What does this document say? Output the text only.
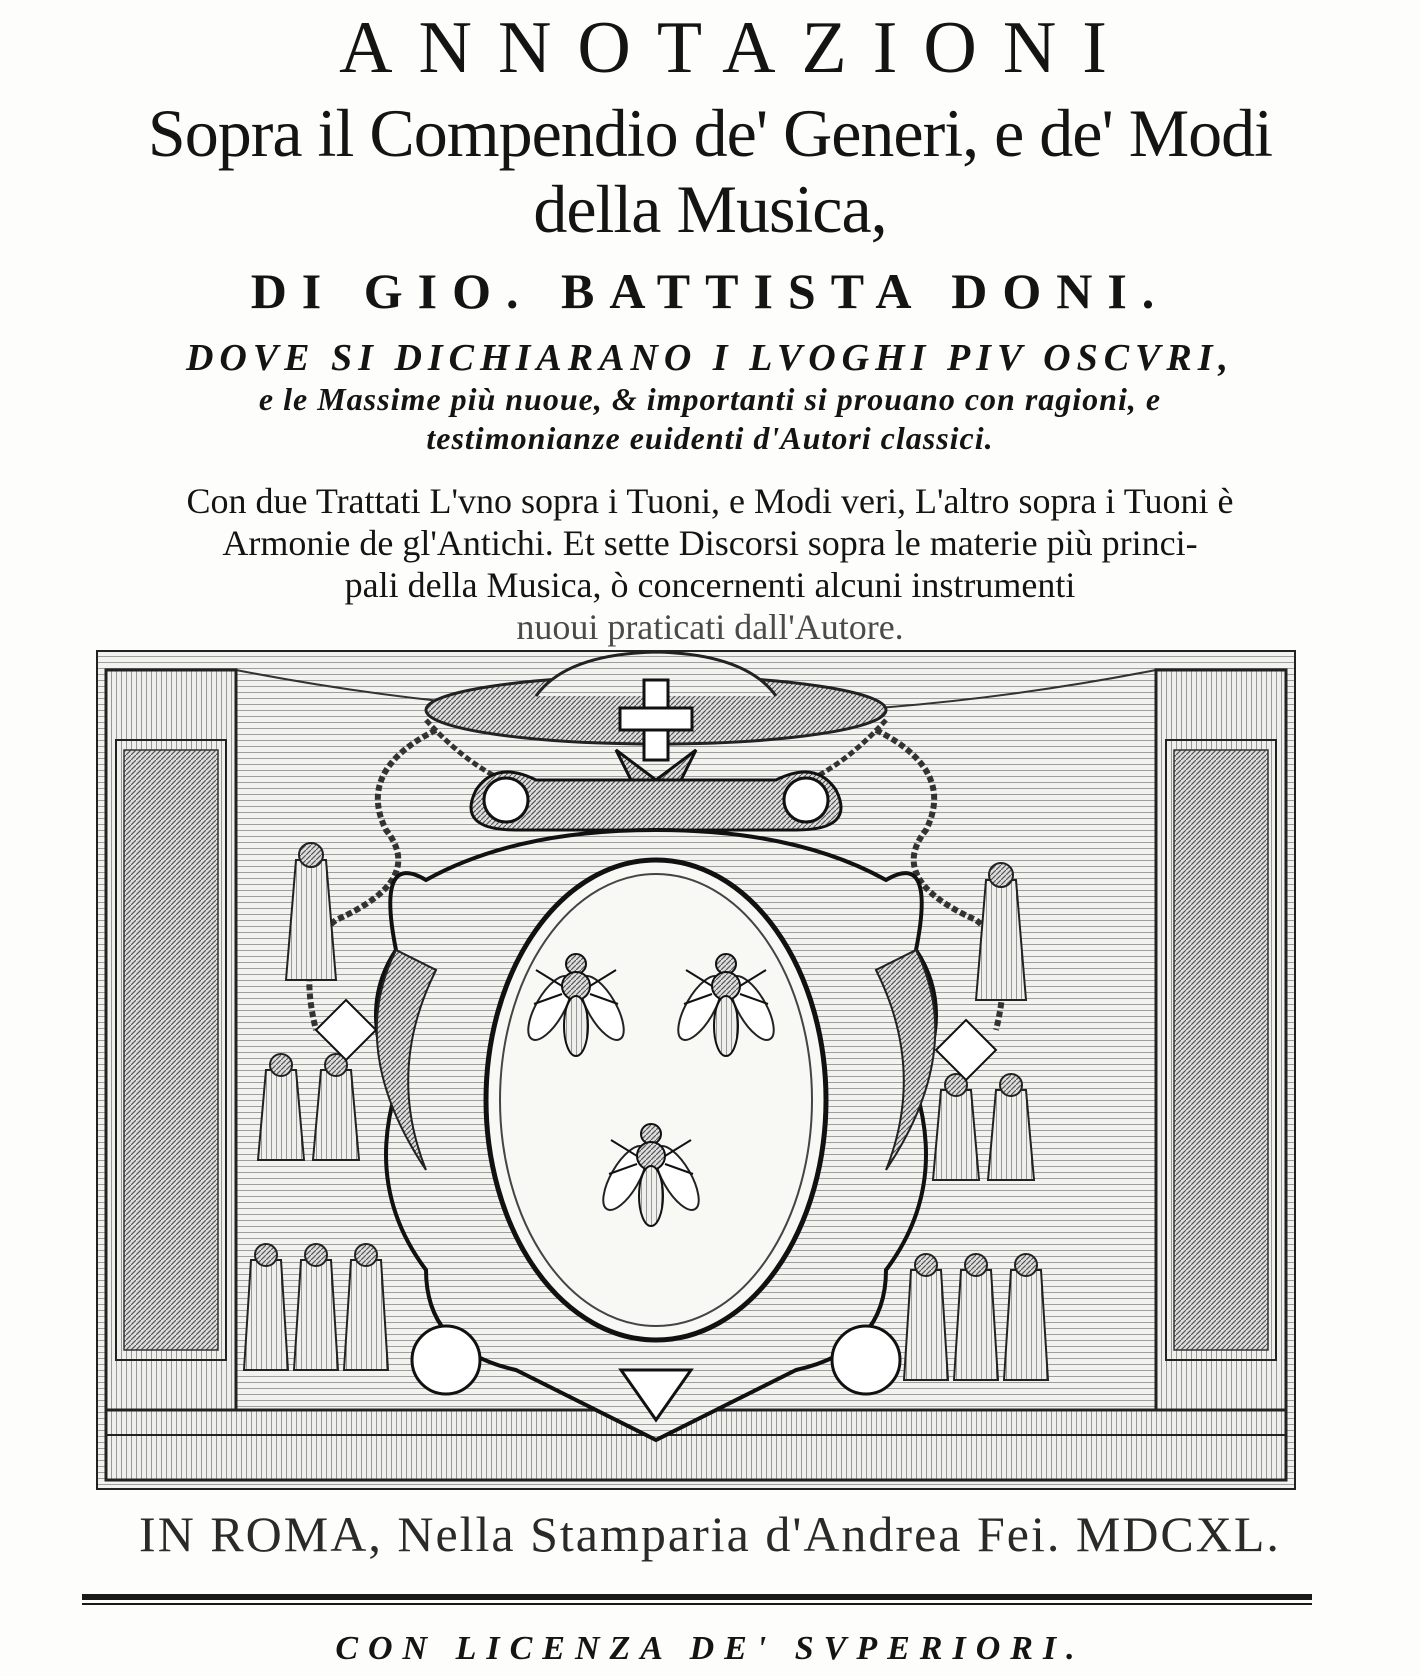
ANNOTAZIONI
Sopra il Compendio de' Generi, e de' Modi
della Musica,
DI GIO. BATTISTA DONI.
DOVE SI DICHIARANO I LVOGHI PIV OSCVRI,
e le Massime più nuoue, & importanti si prouano con ragioni, e
testimonianze euidenti d'Autori classici.
Con due Trattati L'vno sopra i Tuoni, e Modi veri, L'altro sopra i Tuoni è
Armonie de gl'Antichi. Et sette Discorsi sopra le materie più princi-
pali della Musica, ò concernenti alcuni instrumenti
nuoui praticati dall'Autore.
IN ROMA, Nella Stamparia d'Andrea Fei. MDCXL.
CON LICENZA DE' SVPERIORI.
